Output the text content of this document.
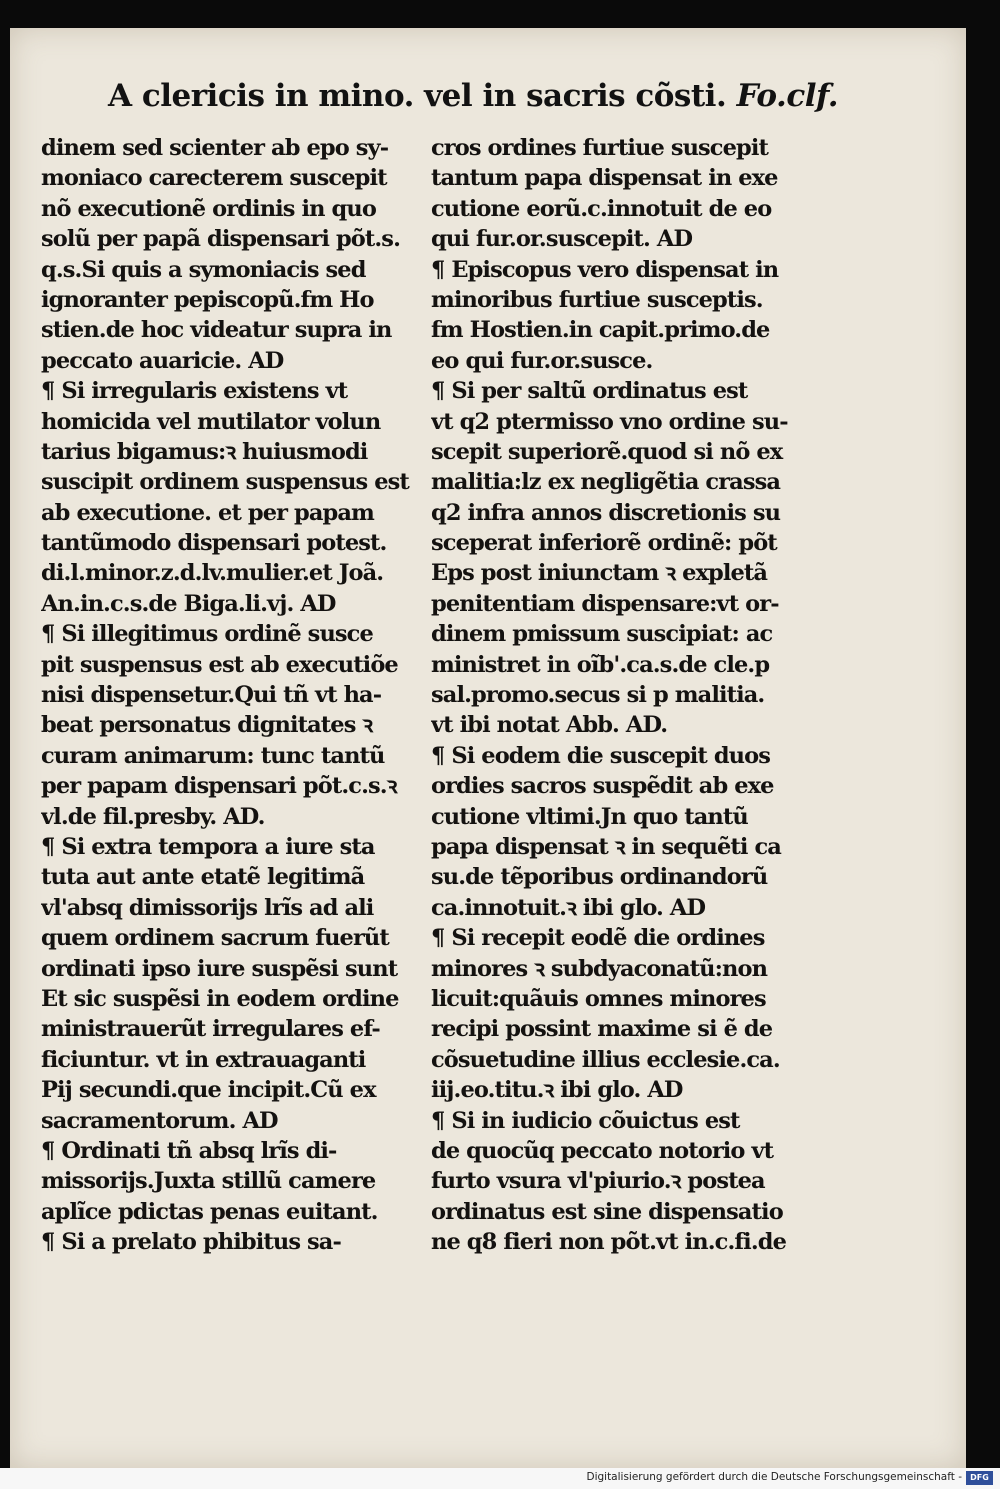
A clericis in mino. vel in sacris cõsti. Fo.clf.
dinem sed scienter ab epo sy-
moniaco carecterem suscepit
nõ executionẽ ordinis in quo
solũ per papã dispensari põt.s.
q.s.Si quis a symoniacis sed
ignoranter pepiscopũ.fm Ho
stien.de hoc videatur supra in
peccato auaricie. AD
¶ Si irregularis existens vt
homicida vel mutilator volun
tarius bigamus:ꝛ huiusmodi
suscipit ordinem suspensus est
ab executione. et per papam
tantũmodo dispensari potest.
di.l.minor.z.d.lv.mulier.et Joã.
An.in.c.s.de Biga.li.vj. AD
¶ Si illegitimus ordinẽ susce
pit suspensus est ab executiõe
nisi dispensetur.Qui tñ vt ha-
beat personatus dignitates ꝛ
curam animarum: tunc tantũ
per papam dispensari põt.c.s.ꝛ
vl.de fil.presby. AD.
¶ Si extra tempora a iure sta
tuta aut ante etatẽ legitimã
vl'absq dimissorijs lrĩs ad ali
quem ordinem sacrum fuerũt
ordinati ipso iure suspẽsi sunt
Et sic suspẽsi in eodem ordine
ministrauerũt irregulares ef-
ficiuntur. vt in extrauaganti
Pij secundi.que incipit.Cũ ex
sacramentorum. AD
¶ Ordinati tñ absq lrĩs di-
missorijs.Juxta stillũ camere
aplĩce pdictas penas euitant.
¶ Si a prelato phibitus sa-
cros ordines furtiue suscepit
tantum papa dispensat in exe
cutione eorũ.c.innotuit de eo
qui fur.or.suscepit. AD
¶ Episcopus vero dispensat in
minoribus furtiue susceptis.
fm Hostien.in capit.primo.de
eo qui fur.or.susce.
¶ Si per saltũ ordinatus est
vt q2 ptermisso vno ordine su-
scepit superiorẽ.quod si nõ ex
malitia:lz ex negligẽtia crassa
q2 infra annos discretionis su
sceperat inferiorẽ ordinẽ: põt
Eps post iniunctam ꝛ expletã
penitentiam dispensare:vt or-
dinem pmissum suscipiat: ac
ministret in oĩb'.ca.s.de cle.p
sal.promo.secus si p malitia.
vt ibi notat Abb. AD.
¶ Si eodem die suscepit duos
ordies sacros suspẽdit ab exe
cutione vltimi.Jn quo tantũ
papa dispensat ꝛ in sequẽti ca
su.de tẽporibus ordinandorũ
ca.innotuit.ꝛ ibi glo. AD
¶ Si recepit eodẽ die ordines
minores ꝛ subdyaconatũ:non
licuit:quãuis omnes minores
recipi possint maxime si ẽ de
cõsuetudine illius ecclesie.ca.
iij.eo.titu.ꝛ ibi glo. AD
¶ Si in iudicio cõuictus est
de quocũq peccato notorio vt
furto vsura vl'piurio.ꝛ postea
ordinatus est sine dispensatio
ne q8 fieri non põt.vt in.c.fi.de
Digitalisierung gefördert durch die Deutsche Forschungsgemeinschaft -	DFG
